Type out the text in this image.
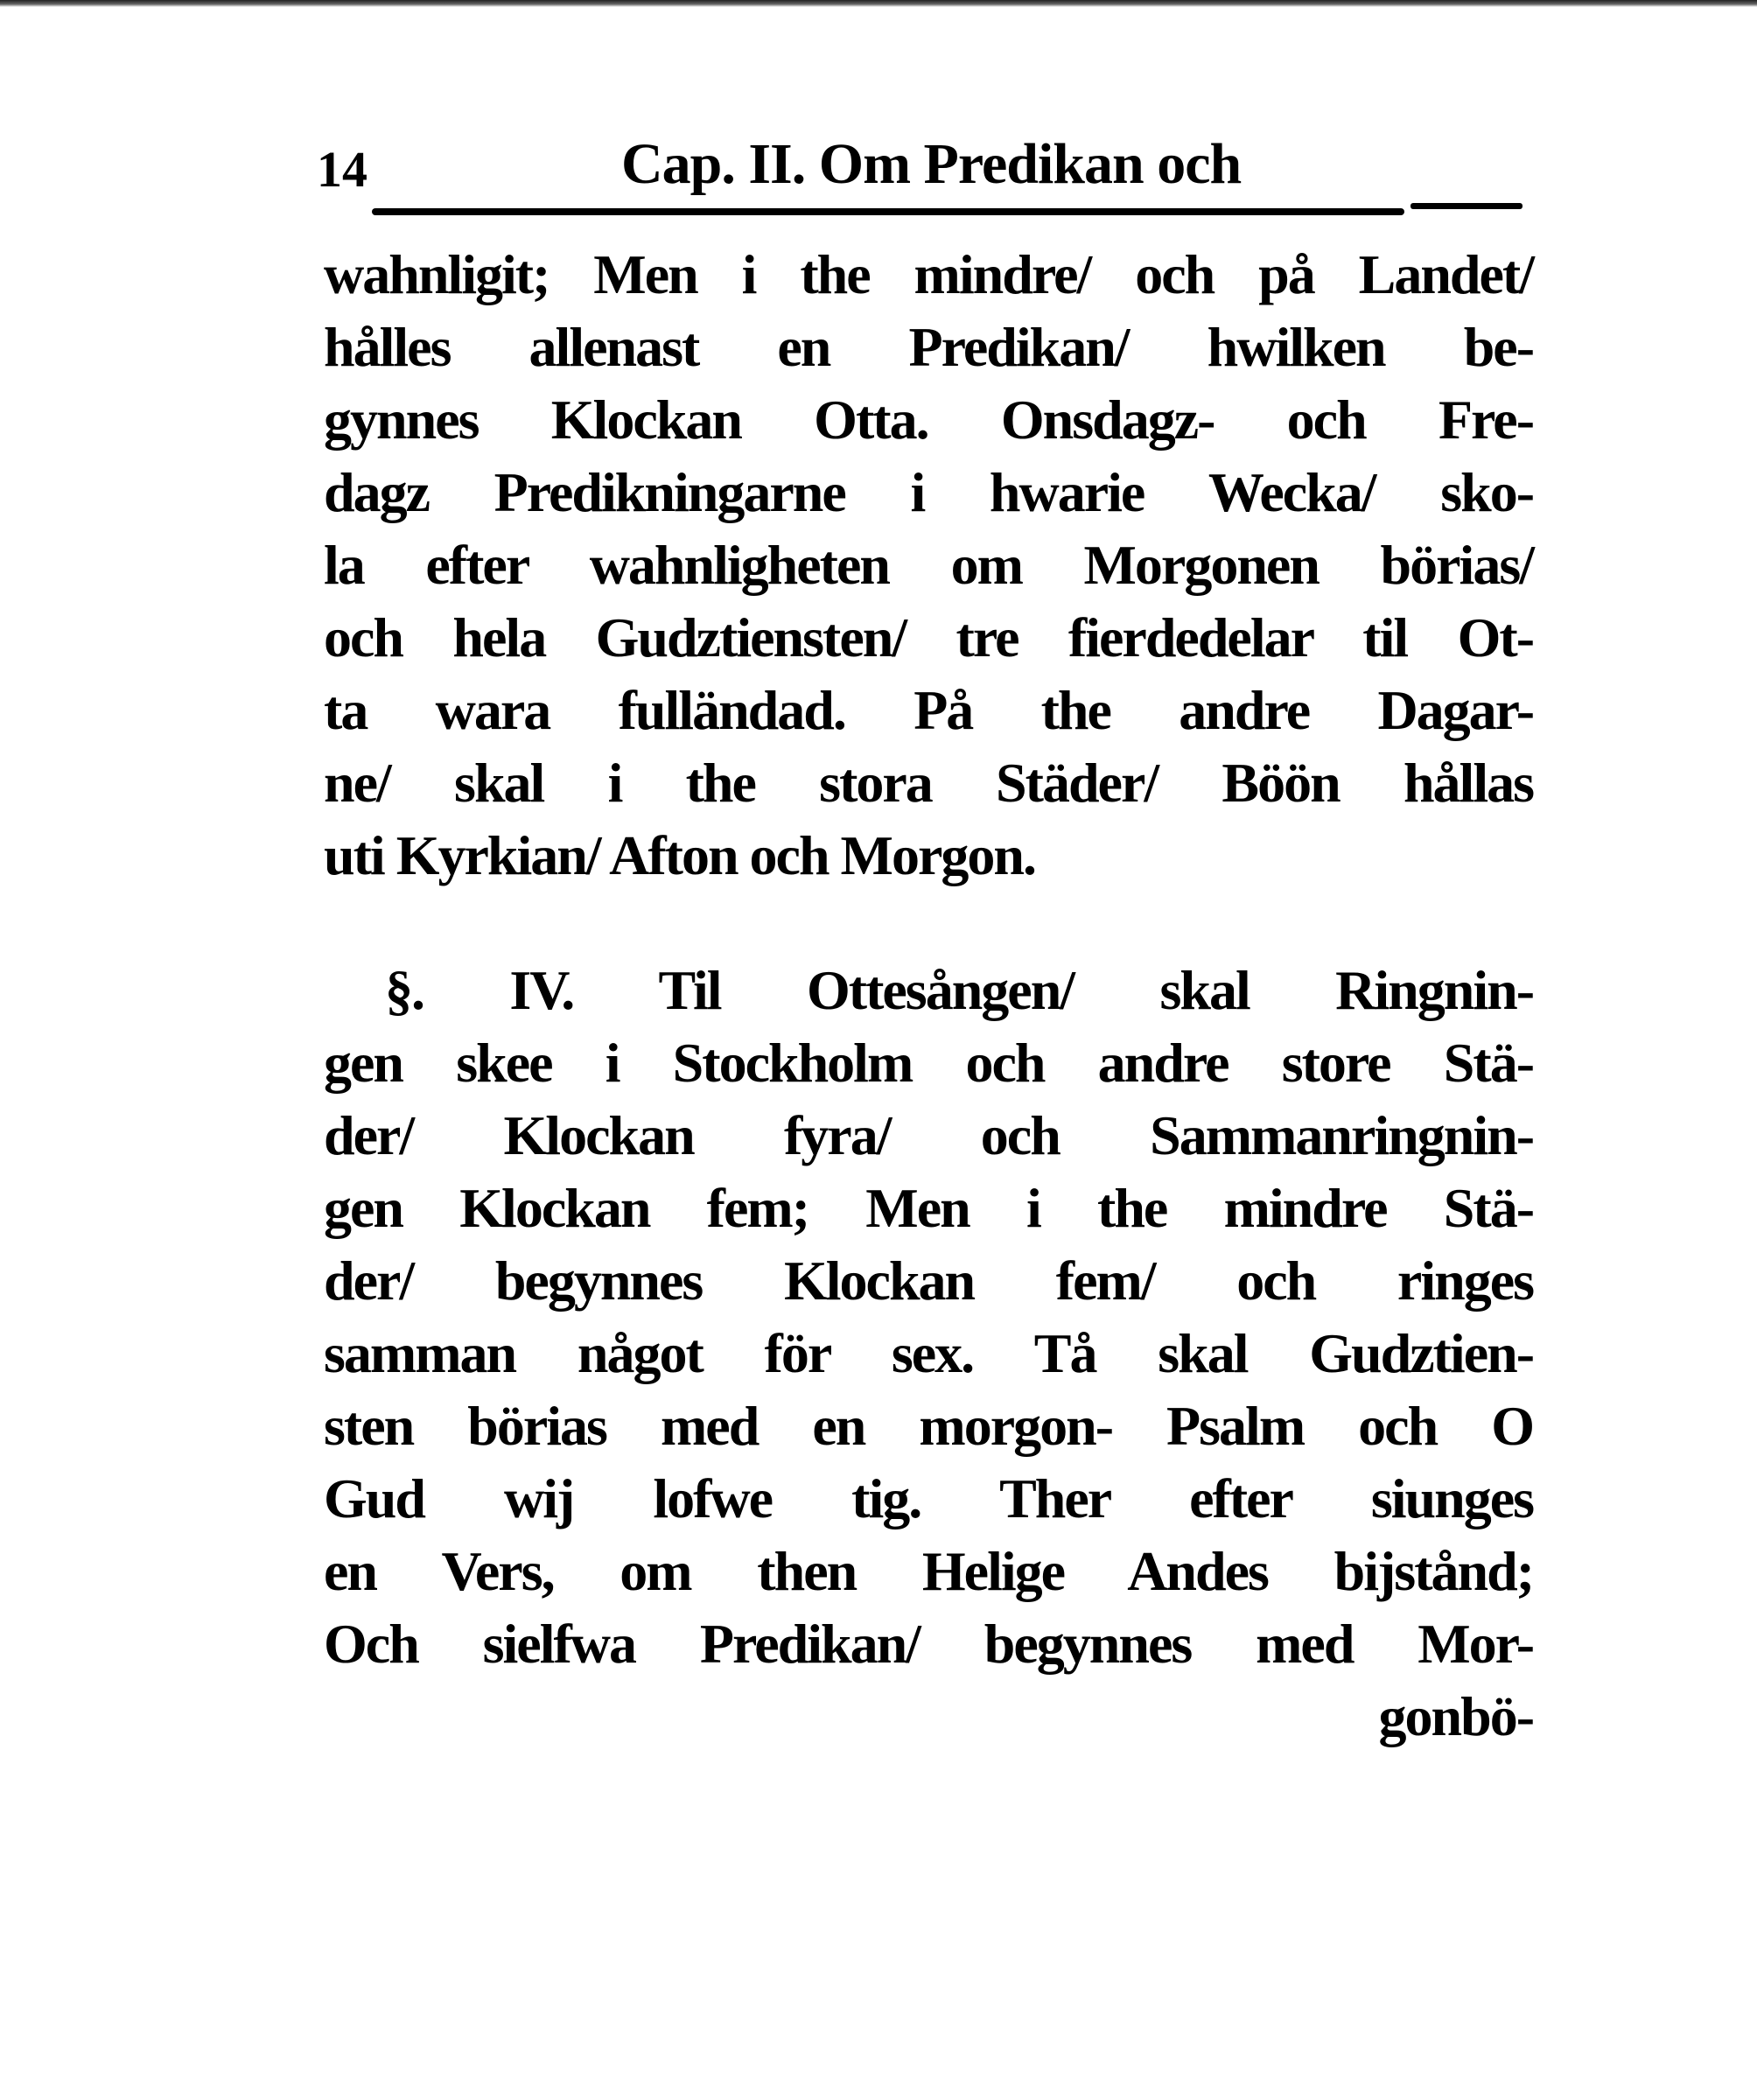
14	Cap. II. Om Predikan och
wahnligit; Men i the mindre/ och på Landet/
hålles allenast en Predikan/ hwilken be-
gynnes Klockan Otta. Onsdagz- och Fre-
dagz Predikningarne i hwarie Wecka/ sko-
la efter wahnligheten om Morgonen börias/
och hela Gudztiensten/ tre fierdedelar til Ot-
ta wara fulländad. På the andre Dagar-
ne/ skal i the stora Städer/ Böön hållas
uti Kyrkian/ Afton och Morgon.
§. IV. Til Ottesången/ skal Ringnin-
gen skee i Stockholm och andre store Stä-
der/ Klockan fyra/ och Sammanringnin-
gen Klockan fem; Men i the mindre Stä-
der/ begynnes Klockan fem/ och ringes
samman något för sex. Tå skal Gudztien-
sten börias med en morgon- Psalm och O
Gud wij lofwe tig. Ther efter siunges
en Vers, om then Helige Andes bijstånd;
Och sielfwa Predikan/ begynnes med Mor-
gonbö-
